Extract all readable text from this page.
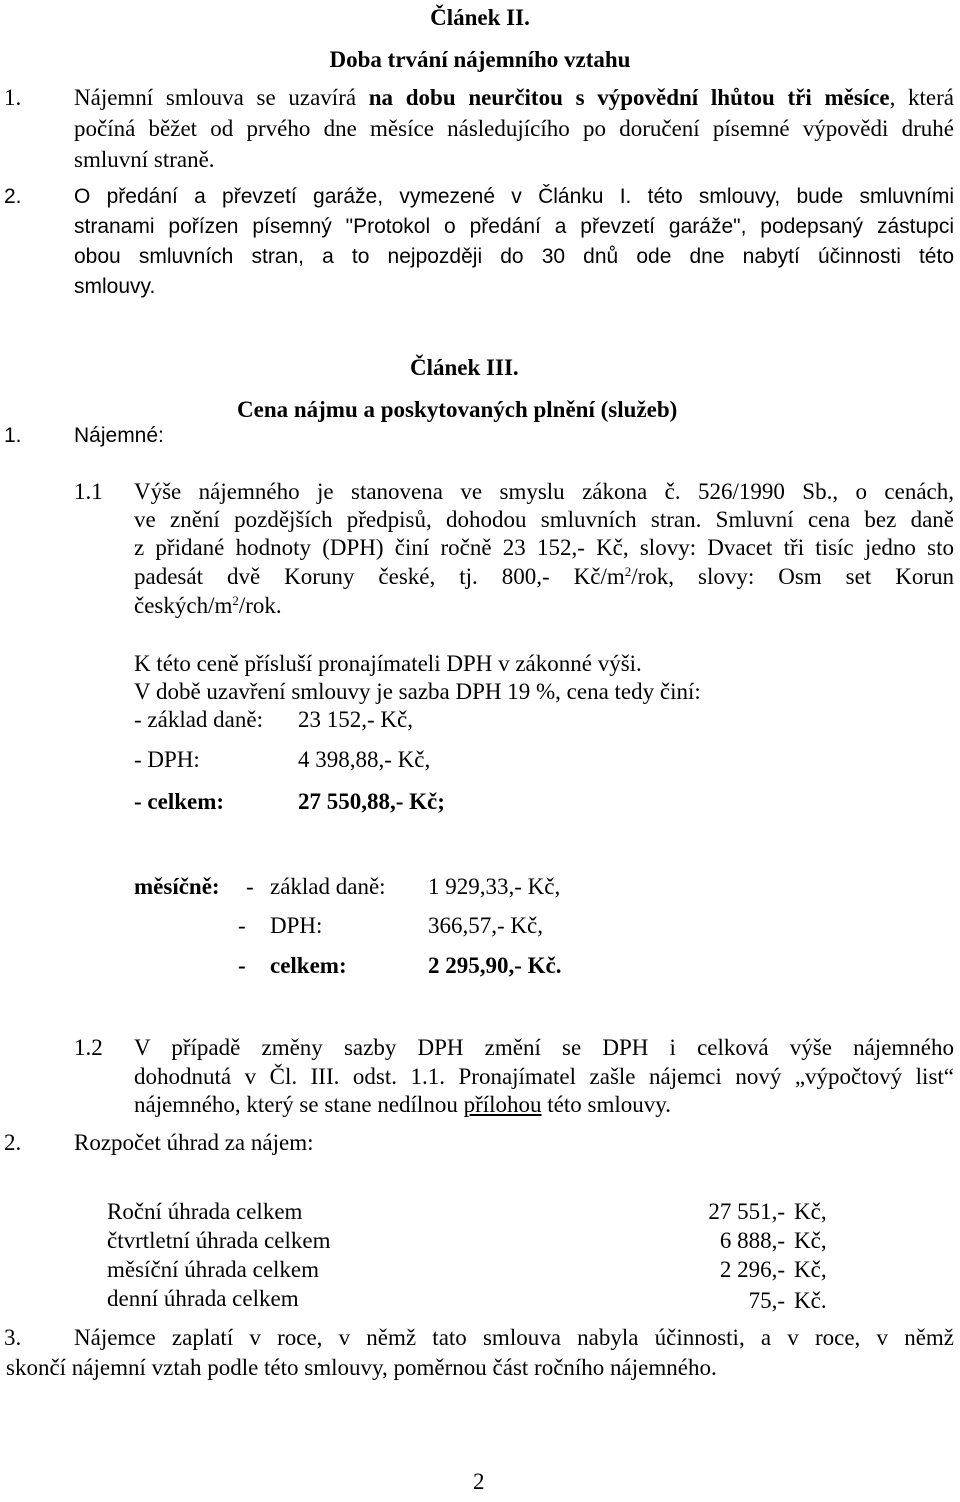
Článek II.
Doba trvání nájemního vztahu
1. Nájemní smlouva se uzavírá na dobu neurčitou s výpovědní lhůtou tři měsíce, která
počíná běžet od prvého dne měsíce následujícího po doručení písemné výpovědi druhé
smluvní straně.
2. O předání a převzetí garáže, vymezené v Článku I. této smlouvy, bude smluvními
stranami pořízen písemný "Protokol o předání a převzetí garáže", podepsaný zástupci
obou smluvních stran, a to nejpozději do 30 dnů ode dne nabytí účinnosti této
smlouvy.
Článek III.
Cena nájmu a poskytovaných plnění (služeb)
1. Nájemné:
1.1 Výše nájemného je stanovena ve smyslu zákona č. 526/1990 Sb., o cenách,
ve znění pozdějších předpisů, dohodou smluvních stran. Smluvní cena bez daně
z přidané hodnoty (DPH) činí ročně 23 152,- Kč, slovy: Dvacet tři tisíc jedno sto
padesát dvě Koruny české, tj. 800,- $Kč/m^2$/rok, slovy: Osm set Korun
českých/$m^2$/rok.
K této ceně přísluší pronajímateli DPH v zákonné výši.
V době uzavření smlouvy je sazba DPH 19 %, cena tedy činí:
- základ daně: 23 152,- Kč,
- DPH:	4 398,88,- Kč,
- celkem:	27 550,88,- Kč;
měsíčně: - základ daně: 1 929,33,- Kč,
- DPH:	366,57,- Kč,
- celkem:	2 295,90,- Kč.
1.2 V případě změny sazby DPH změní se DPH i celková výše nájemného
dohodnutá v Čl. III. odst. 1.1. Pronajímatel zašle nájemci nový „výpočtový list“
nájemného, který se stane nedílnou přílohou této smlouvy.
2. Rozpočet úhrad za nájem:
Roční úhrada celkem	27 551,- Kč,
čtvrtletní úhrada celkem	6 888,- Kč,
měsíční úhrada celkem	2 296,- Kč,
denní úhrada celkem	75,- Kč.
3. Nájemce zaplatí v roce, v němž tato smlouva nabyla účinnosti, a v roce, v němž
skončí nájemní vztah podle této smlouvy, poměrnou část ročního nájemného.
2
